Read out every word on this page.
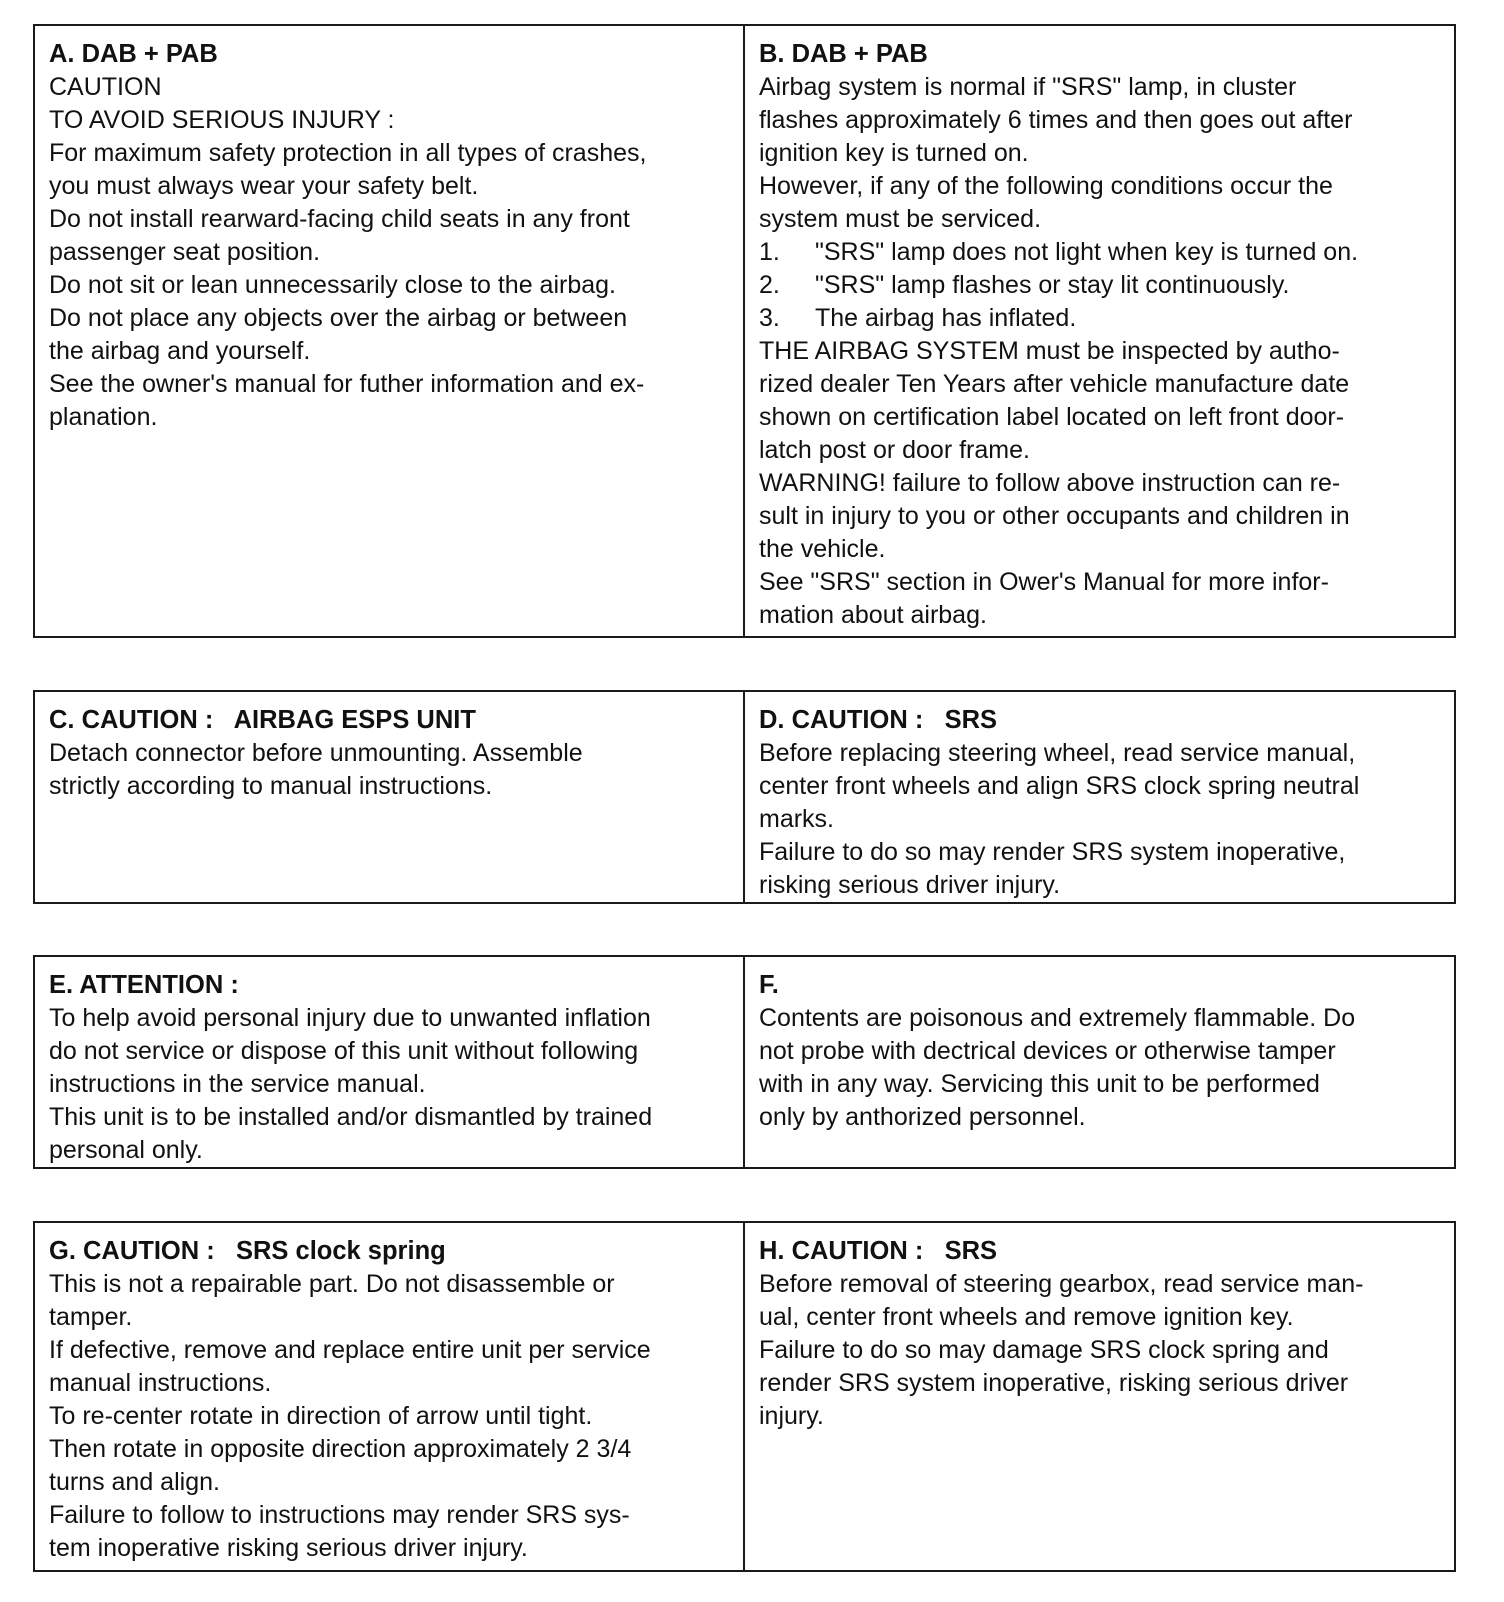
A. DAB + PAB
CAUTION
TO AVOID SERIOUS INJURY :
For maximum safety protection in all types of crashes,
you must always wear your safety belt.
Do not install rearward-facing child seats in any front
passenger seat position.
Do not sit or lean unnecessarily close to the airbag.
Do not place any objects over the airbag or between
the airbag and yourself.
See the owner's manual for futher information and ex-
planation.
B. DAB + PAB
Airbag system is normal if "SRS" lamp, in cluster
flashes approximately 6 times and then goes out after
ignition key is turned on.
However, if any of the following conditions occur the
system must be serviced.
1.	"SRS" lamp does not light when key is turned on.
2.	"SRS" lamp flashes or stay lit continuously.
3.	The airbag has inflated.
THE AIRBAG SYSTEM must be inspected by autho-
rized dealer Ten Years after vehicle manufacture date
shown on certification label located on left front door-
latch post or door frame.
WARNING! failure to follow above instruction can re-
sult in injury to you or other occupants and children in
the vehicle.
See "SRS" section in Ower's Manual for more infor-
mation about airbag.
C. CAUTION :   AIRBAG ESPS UNIT
Detach connector before unmounting. Assemble
strictly according to manual instructions.
D. CAUTION :   SRS
Before replacing steering wheel, read service manual,
center front wheels and align SRS clock spring neutral
marks.
Failure to do so may render SRS system inoperative,
risking serious driver injury.
E. ATTENTION :
To help avoid personal injury due to unwanted inflation
do not service or dispose of this unit without following
instructions in the service manual.
This unit is to be installed and/or dismantled by trained
personal only.
F.
Contents are poisonous and extremely flammable. Do
not probe with dectrical devices or otherwise tamper
with in any way. Servicing this unit to be performed
only by anthorized personnel.
G. CAUTION :   SRS clock spring
This is not a repairable part. Do not disassemble or
tamper.
If defective, remove and replace entire unit per service
manual instructions.
To re-center rotate in direction of arrow until tight.
Then rotate in opposite direction approximately 2 3/4
turns and align.
Failure to follow to instructions may render SRS sys-
tem inoperative risking serious driver injury.
H. CAUTION :   SRS
Before removal of steering gearbox, read service man-
ual, center front wheels and remove ignition key.
Failure to do so may damage SRS clock spring and
render SRS system inoperative, risking serious driver
injury.
